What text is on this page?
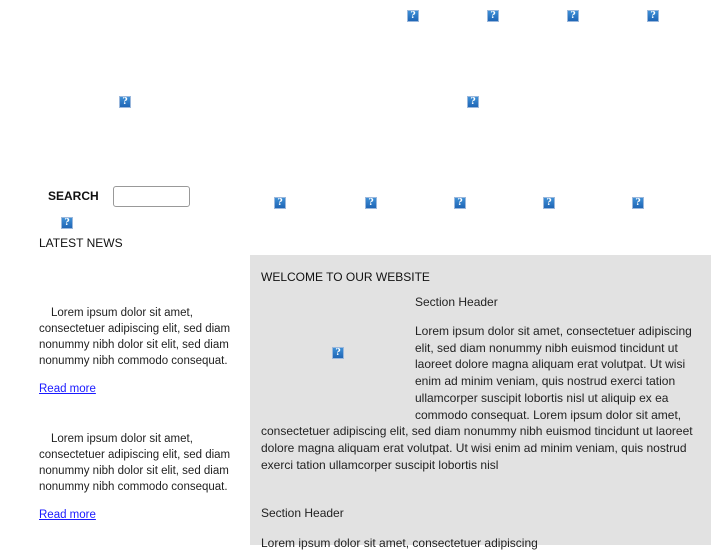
?	?	?	?
?	?
SEARCH	?	?	?	?	?
?
LATEST NEWS

Lorem ipsum dolor sit amet, consectetuer adipiscing elit, sed diam nonummy nibh dolor sit elit, sed diam nonummy nibh commodo consequat.

Read more

Lorem ipsum dolor sit amet, consectetuer adipiscing elit, sed diam nonummy nibh dolor sit elit, sed diam nonummy nibh commodo consequat.

Read more
WELCOME TO OUR WEBSITE
Section Header
?
Lorem ipsum dolor sit amet, consectetuer adipiscing elit, sed diam nonummy nibh euismod tincidunt ut laoreet dolore magna aliquam erat volutpat. Ut wisi enim ad minim veniam, quis nostrud exerci tation ullamcorper suscipit lobortis nisl ut aliquip ex ea commodo consequat. Lorem ipsum dolor sit amet, consectetuer adipiscing elit, sed diam nonummy nibh euismod tincidunt ut laoreet dolore magna aliquam erat volutpat. Ut wisi enim ad minim veniam, quis nostrud exerci tation ullamcorper suscipit lobortis nisl
Section Header
Lorem ipsum dolor sit amet, consectetuer adipiscing
